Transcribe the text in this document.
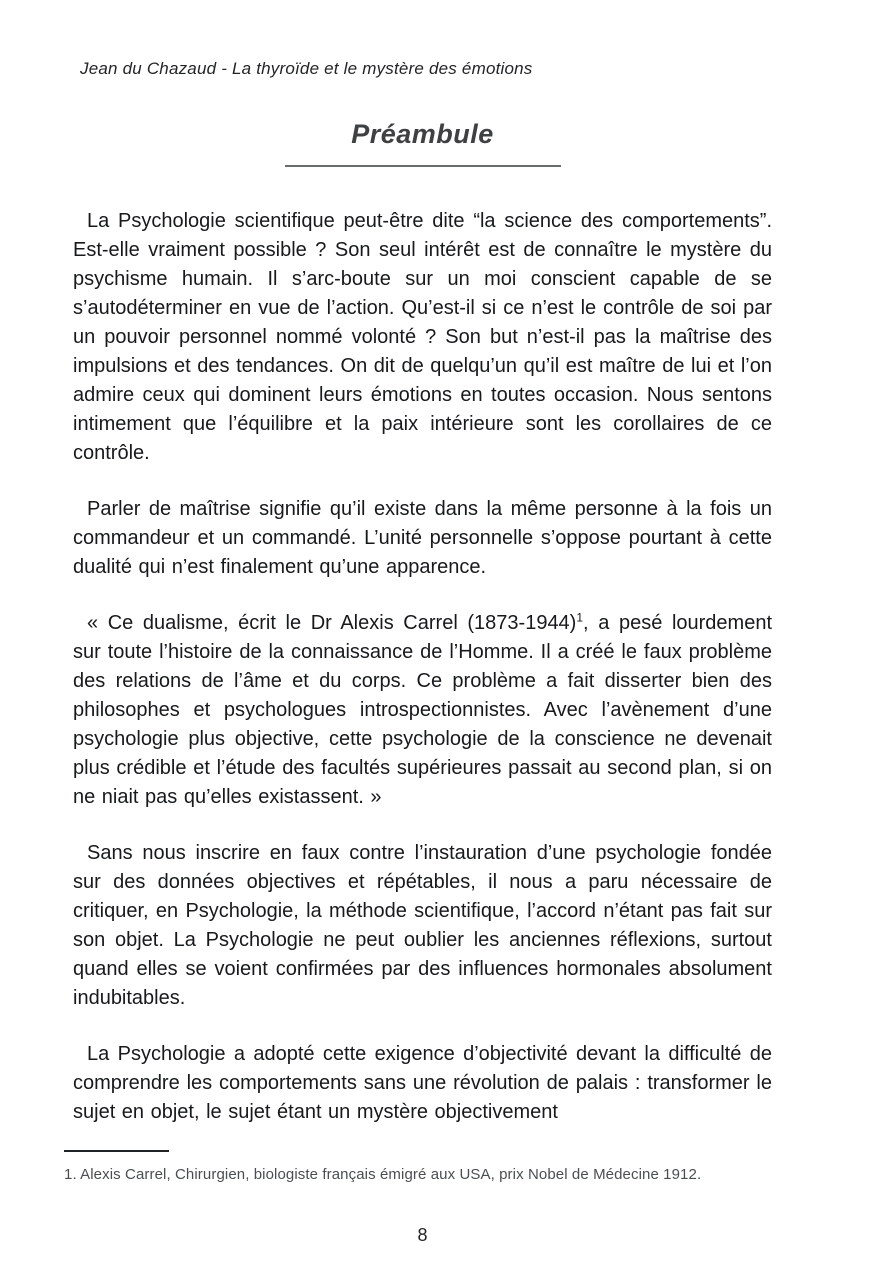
Jean du Chazaud - La thyroïde et le mystère des émotions
Préambule

La Psychologie scientifique peut-être dite “la science des comportements”. Est-elle vraiment possible ? Son seul intérêt est de connaître le mystère du psychisme humain. Il s’arc-boute sur un moi conscient capable de se s’autodéterminer en vue de l’action. Qu’est-il si ce n’est le contrôle de soi par un pouvoir personnel nommé volonté ? Son but n’est-il pas la maîtrise des impulsions et des tendances. On dit de quelqu’un qu’il est maître de lui et l’on admire ceux qui dominent leurs émotions en toutes occasion. Nous sentons intimement que l’équilibre et la paix intérieure sont les corollaires de ce contrôle.

Parler de maîtrise signifie qu’il existe dans la même personne à la fois un commandeur et un commandé. L’unité personnelle s’oppose pourtant à cette dualité qui n’est finalement qu’une apparence.

« Ce dualisme, écrit le Dr Alexis Carrel (1873-1944)$^1$, a pesé lourdement sur toute l’histoire de la connaissance de l’Homme. Il a créé le faux problème des relations de l’âme et du corps. Ce problème a fait disserter bien des philosophes et psychologues introspectionnistes. Avec l’avènement d’une psychologie plus objective, cette psychologie de la conscience ne devenait plus crédible et l’étude des facultés supérieures passait au second plan, si on ne niait pas qu’elles existassent. »

Sans nous inscrire en faux contre l’instauration d’une psychologie fondée sur des données objectives et répétables, il nous a paru nécessaire de critiquer, en Psychologie, la méthode scientifique, l’accord n’étant pas fait sur son objet. La Psychologie ne peut oublier les anciennes réflexions, surtout quand elles se voient confirmées par des influences hormonales absolument indubitables.

La Psychologie a adopté cette exigence d’objectivité devant la difficulté de comprendre les comportements sans une révolution de palais : transformer le sujet en objet, le sujet étant un mystère objectivement

1. Alexis Carrel, Chirurgien, biologiste français émigré aux USA, prix Nobel de Médecine 1912.
8
